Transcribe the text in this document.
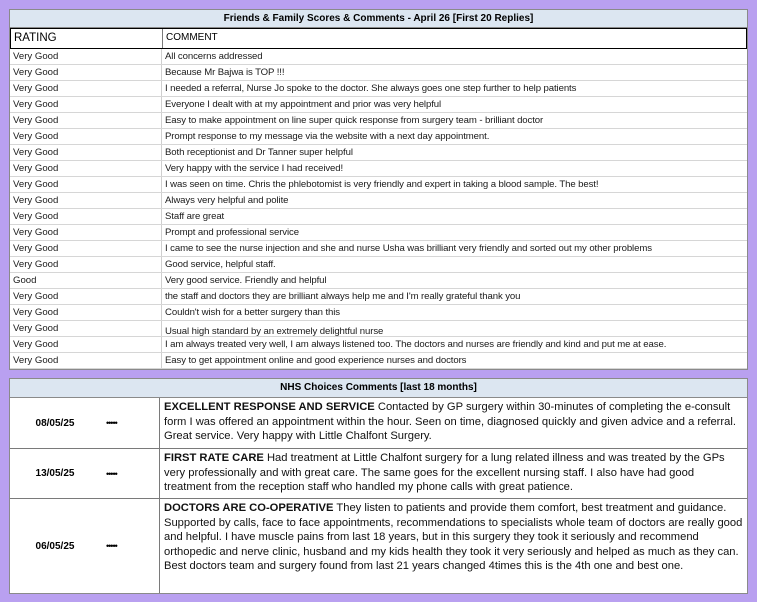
Friends & Family Scores & Comments - April 26 [First 20 Replies]
RATING	COMMENT
Very Good	All concerns addressed
Very Good	Because Mr Bajwa is TOP !!!
Very Good	I needed a referral, Nurse Jo spoke to the doctor. She always goes one step further to help patients
Very Good	Everyone I dealt with at my appointment and prior was very helpful
Very Good	Easy to make appointment on line super quick response from surgery team - brilliant doctor
Very Good	Prompt response to my message via the website with a next day appointment.
Very Good	Both receptionist and Dr Tanner super helpful
Very Good	Very happy with the service I had received!
Very Good	I was seen on time. Chris the phlebotomist is very friendly and expert in taking a blood sample. The best!
Very Good	Always very helpful and polite
Very Good	Staff are great
Very Good	Prompt and professional service
Very Good	I came to see the nurse injection and she and nurse Usha was brilliant very friendly and sorted out my other problems
Very Good	Good service, helpful staff.
Good	Very good service. Friendly and helpful
Very Good	the staff and doctors they are brilliant always help me and I'm really grateful thank you
Very Good	Couldn't wish for a better surgery than this
Very Good	Usual high standard by an extremely delightful nurse
Very Good	I am always treated very well, I am always listened too. The doctors and nurses are friendly and kind and put me at ease.
Very Good	Easy to get appointment online and good experience nurses and doctors
NHS Choices Comments [last 18 months]
08/05/25	•••••
EXCELLENT RESPONSE AND SERVICE Contacted by GP surgery within 30-minutes of completing the e-consult form I was offered an appointment within the hour. Seen on time, diagnosed quickly and given advice and a referral. Great service. Very happy with Little Chalfont Surgery.
13/05/25	•••••
FIRST RATE CARE Had treatment at Little Chalfont surgery for a lung related illness and was treated by the GPs very professionally and with great care. The same goes for the excellent nursing staff. I also have had good treatment from the reception staff who handled my phone calls with great patience.
06/05/25	•••••
DOCTORS ARE CO-OPERATIVE They listen to patients and provide them comfort, best treatment and guidance. Supported by calls, face to face appointments, recommendations to specialists whole team of doctors are really good and helpful. I have muscle pains from last 18 years, but in this surgery they took it seriously and recommend orthopedic and nerve clinic, husband and my kids health they took it very seriously and helped as much as they can. Best doctors team and surgery found from last 21 years changed 4times this is the 4th one and best one.
